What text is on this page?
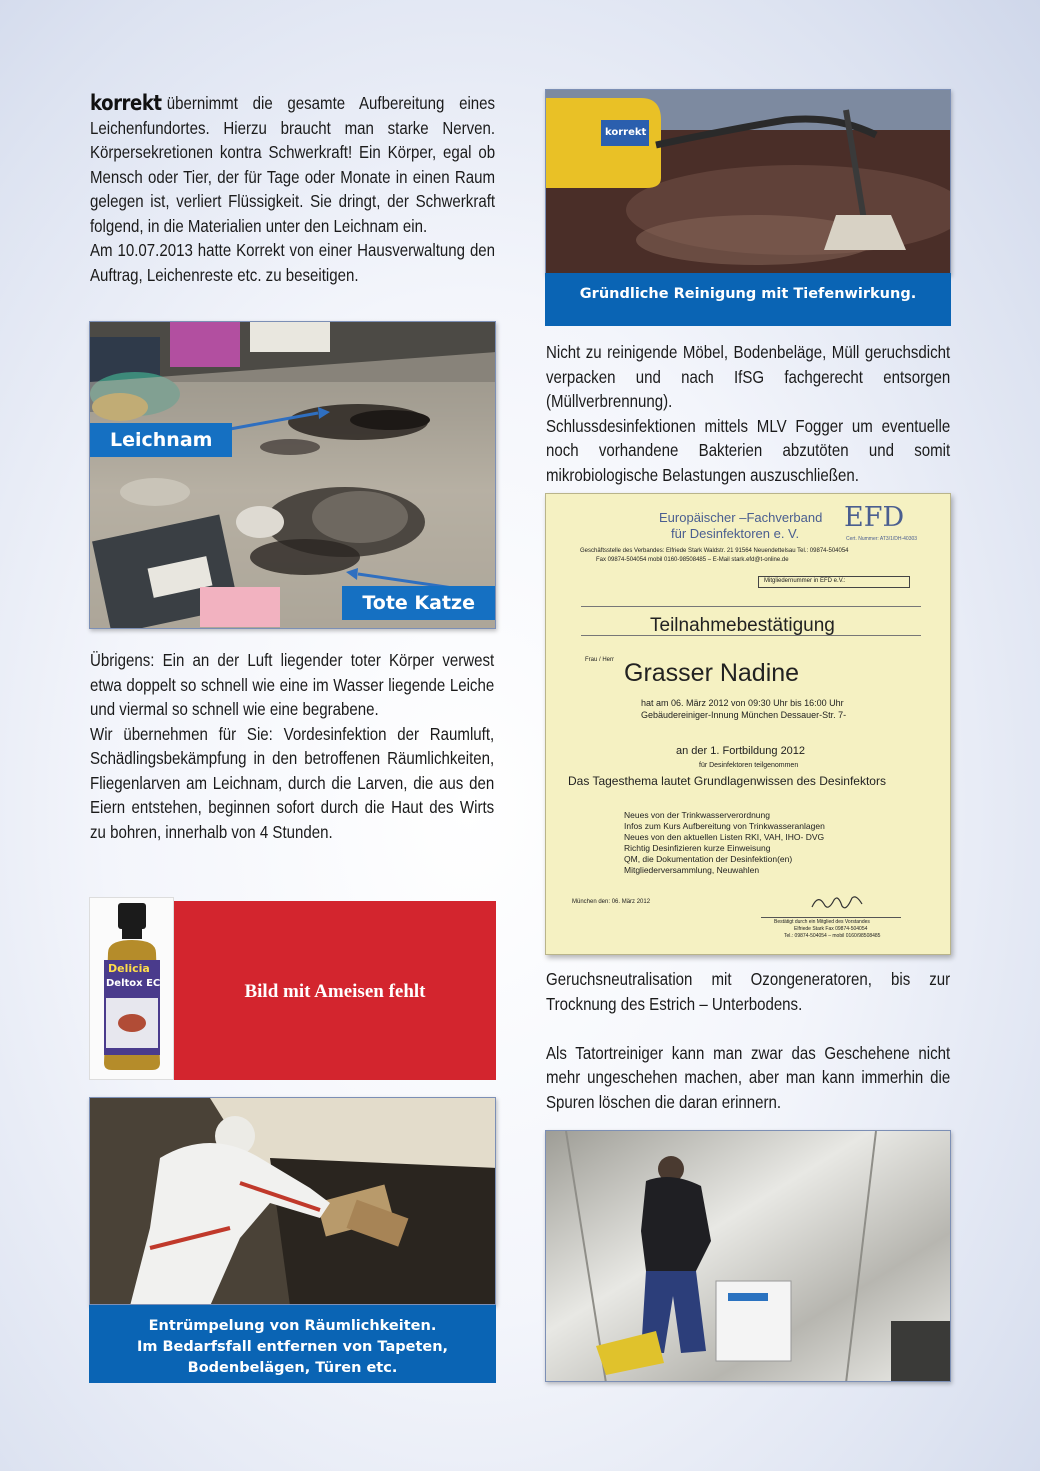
korrekt übernimmt die gesamte Aufbereitung eines Leichenfundortes. Hierzu braucht man starke Nerven. Körpersekretionen kontra Schwerkraft! Ein Körper, egal ob Mensch oder Tier, der für Tage oder Monate in einen Raum gelegen ist, verliert Flüssigkeit. Sie dringt, der Schwerkraft folgend, in die Materialien unter den Leichnam ein.

Am 10.07.2013 hatte Korrekt von einer Hausverwaltung den Auftrag, Leichenreste etc. zu beseitigen.

Leichnam
Tote Katze

Übrigens: Ein an der Luft liegender toter Körper verwest etwa doppelt so schnell wie eine im Wasser liegende Leiche und viermal so schnell wie eine begrabene.

Wir übernehmen für Sie: Vordesinfektion der Raumluft, Schädlingsbekämpfung in den betroffenen Räumlichkeiten, Fliegenlarven am Leichnam, durch die Larven, die aus den Eiern entstehen, beginnen sofort durch die Haut des Wirts zu bohren, innerhalb von 4 Stunden.

Delicia
Deltox EC	Bild mit Ameisen fehlt
Entrümpelung von Räumlichkeiten.
Im Bedarfsfall entfernen von Tapeten,
Bodenbelägen, Türen etc.
korrekt
Gründliche Reinigung mit Tiefenwirkung.

Nicht zu reinigende Möbel, Bodenbeläge, Müll geruchsdicht verpacken und nach IfSG fachgerecht entsorgen (Müllverbrennung).

Schlussdesinfektionen mittels MLV Fogger um eventuelle noch vorhandene Bakterien abzutöten und somit mikrobiologische Belastungen auszuschließen.

Europäischer –Fachverband
für Desinfektoren e. V.
EFD
Cert. Nummer: AT3/1/DH-40303
Geschäftsstelle des Verbandes: Elfriede Stark Waldstr. 21 91564 Neuendettelsau Tel.: 09874-504054
Fax 09874-504054 mobil 0160-98508485 – E-Mail stark.efd@t-online.de
Mitgliedernummer in EFD e.V.:
Teilnahmebestätigung
Frau / Herr Grasser Nadine
hat am 06. März 2012 von 09:30 Uhr bis 16:00 Uhr
Gebäudereiniger-Innung München Dessauer-Str. 7-
an der 1. Fortbildung 2012
für Desinfektoren teilgenommen
Das Tagesthema lautet Grundlagenwissen des Desinfektors
Neues von der Trinkwasserverordnung
Infos zum Kurs Aufbereitung von Trinkwasseranlagen
Neues von den aktuellen Listen RKI, VAH, IHO- DVG
Richtig Desinfizieren kurze Einweisung
QM, die Dokumentation der Desinfektion(en)
Mitgliederversammlung, Neuwahlen
München den: 06. März 2012
Bestätigt durch ein Mitglied des Vorstandes
Elfriede Stark Fax 09874-504054
Tel.: 09874-504054 – mobil 0160/98508485

Geruchsneutralisation mit Ozongeneratoren, bis zur Trocknung des Estrich – Unterbodens.

Als Tatortreiniger kann man zwar das Geschehene nicht mehr ungeschehen machen, aber man kann immerhin die Spuren löschen die daran erinnern.
